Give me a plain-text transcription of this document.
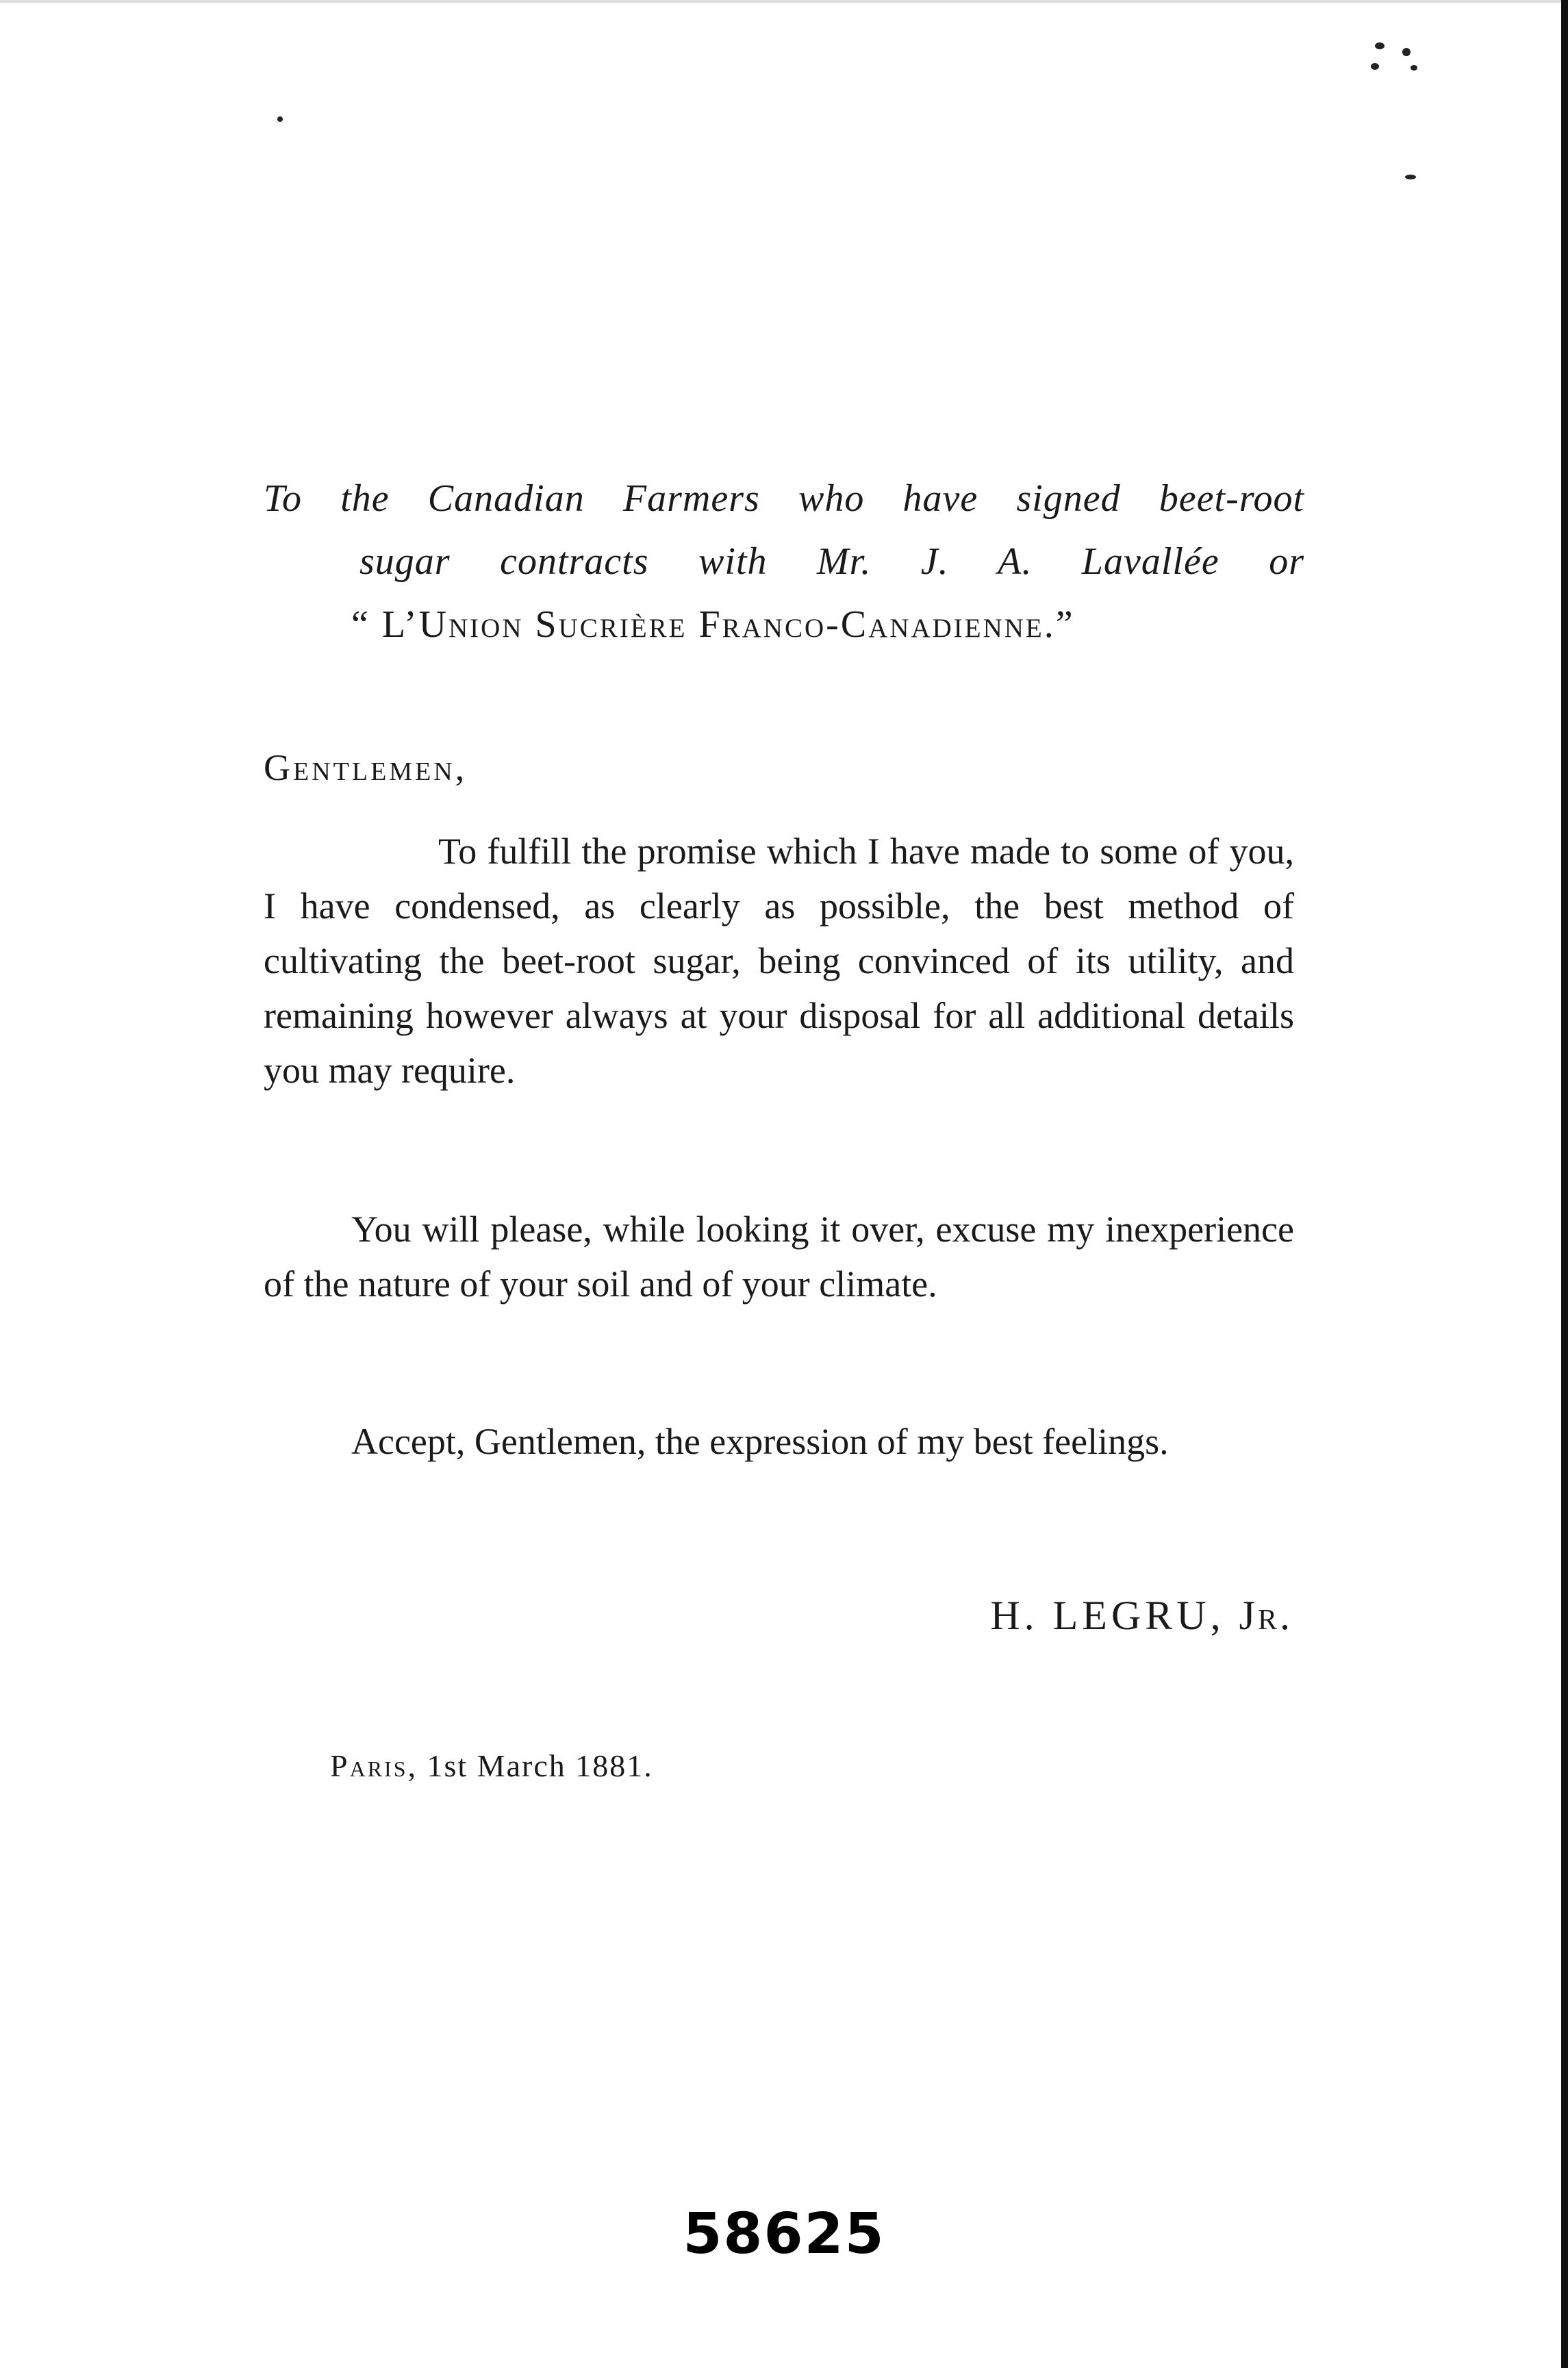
To the Canadian Farmers who have signed beet-root
sugar contracts with Mr. J. A. Lavallée or
“ L’Union Sucrière Franco-Canadienne.”
Gentlemen,
To fulfill the promise which I have made to some of you, I have condensed, as clearly as possible, the best method of cultivating the beet-root sugar, being convinced of its utility, and remaining however always at your disposal for all additional details you may require.
You will please, while looking it over, excuse my inexperience of the nature of your soil and of your climate.
Accept, Gentlemen, the expression of my best feelings.
H. LEGRU, Jr.
Paris, 1st March 1881.
58625
